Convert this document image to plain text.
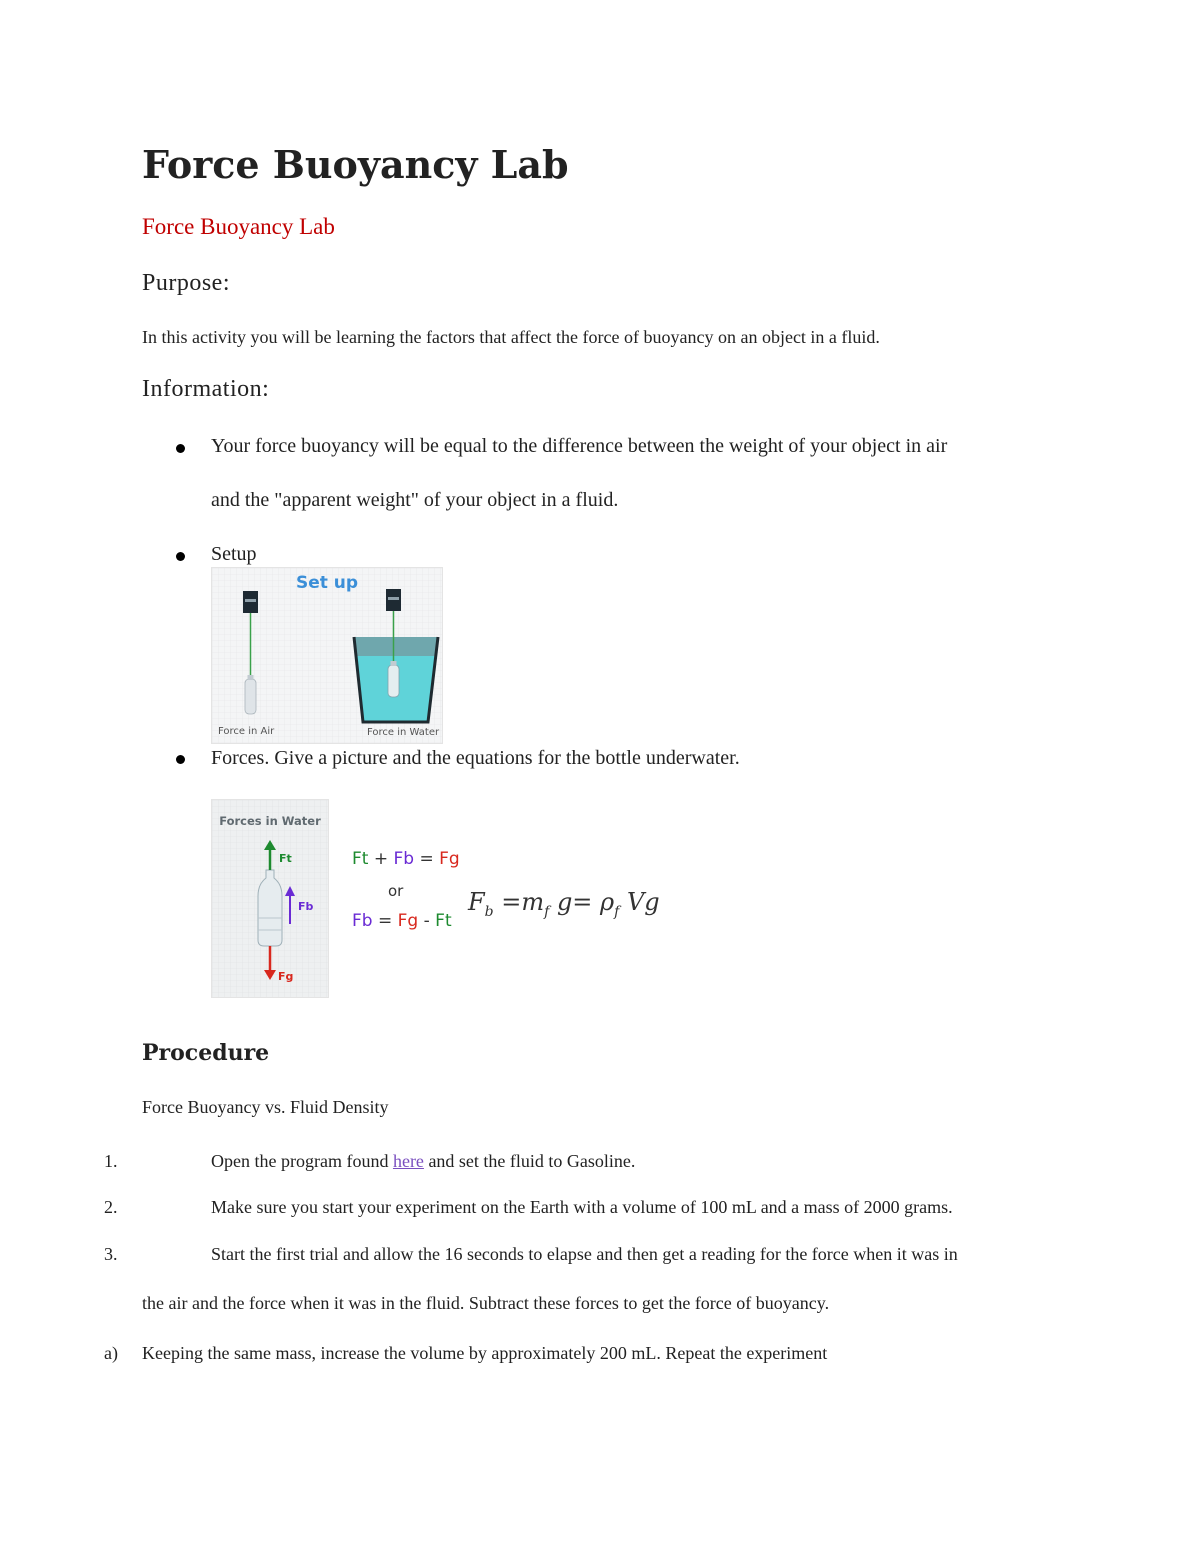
Force Buoyancy Lab
Force Buoyancy Lab
Purpose:
In this activity you will be learning the factors that affect the force of buoyancy on an object in a fluid.
Information:
Your force buoyancy will be equal to the difference between the weight of your object in air
and the "apparent weight" of your object in a fluid.
Setup
Set up
Force in Air	Force in Water
Forces. Give a picture and the equations for the bottle underwater.
Forces in Water
Ft
Fb
Fg
Ft + Fb = Fg
or
Fb = Fg - Ft
$F_b =m_f$ $g= \rho_f$ Vg
Procedure
Force Buoyancy vs. Fluid Density
1.	Open the program found here and set the fluid to Gasoline.
2.	Make sure you start your experiment on the Earth with a volume of 100 mL and a mass of 2000 grams.
3.	Start the first trial and allow the 16 seconds to elapse and then get a reading for the force when it was in
the air and the force when it was in the fluid. Subtract these forces to get the force of buoyancy.
a) Keeping the same mass, increase the volume by approximately 200 mL. Repeat the experiment
